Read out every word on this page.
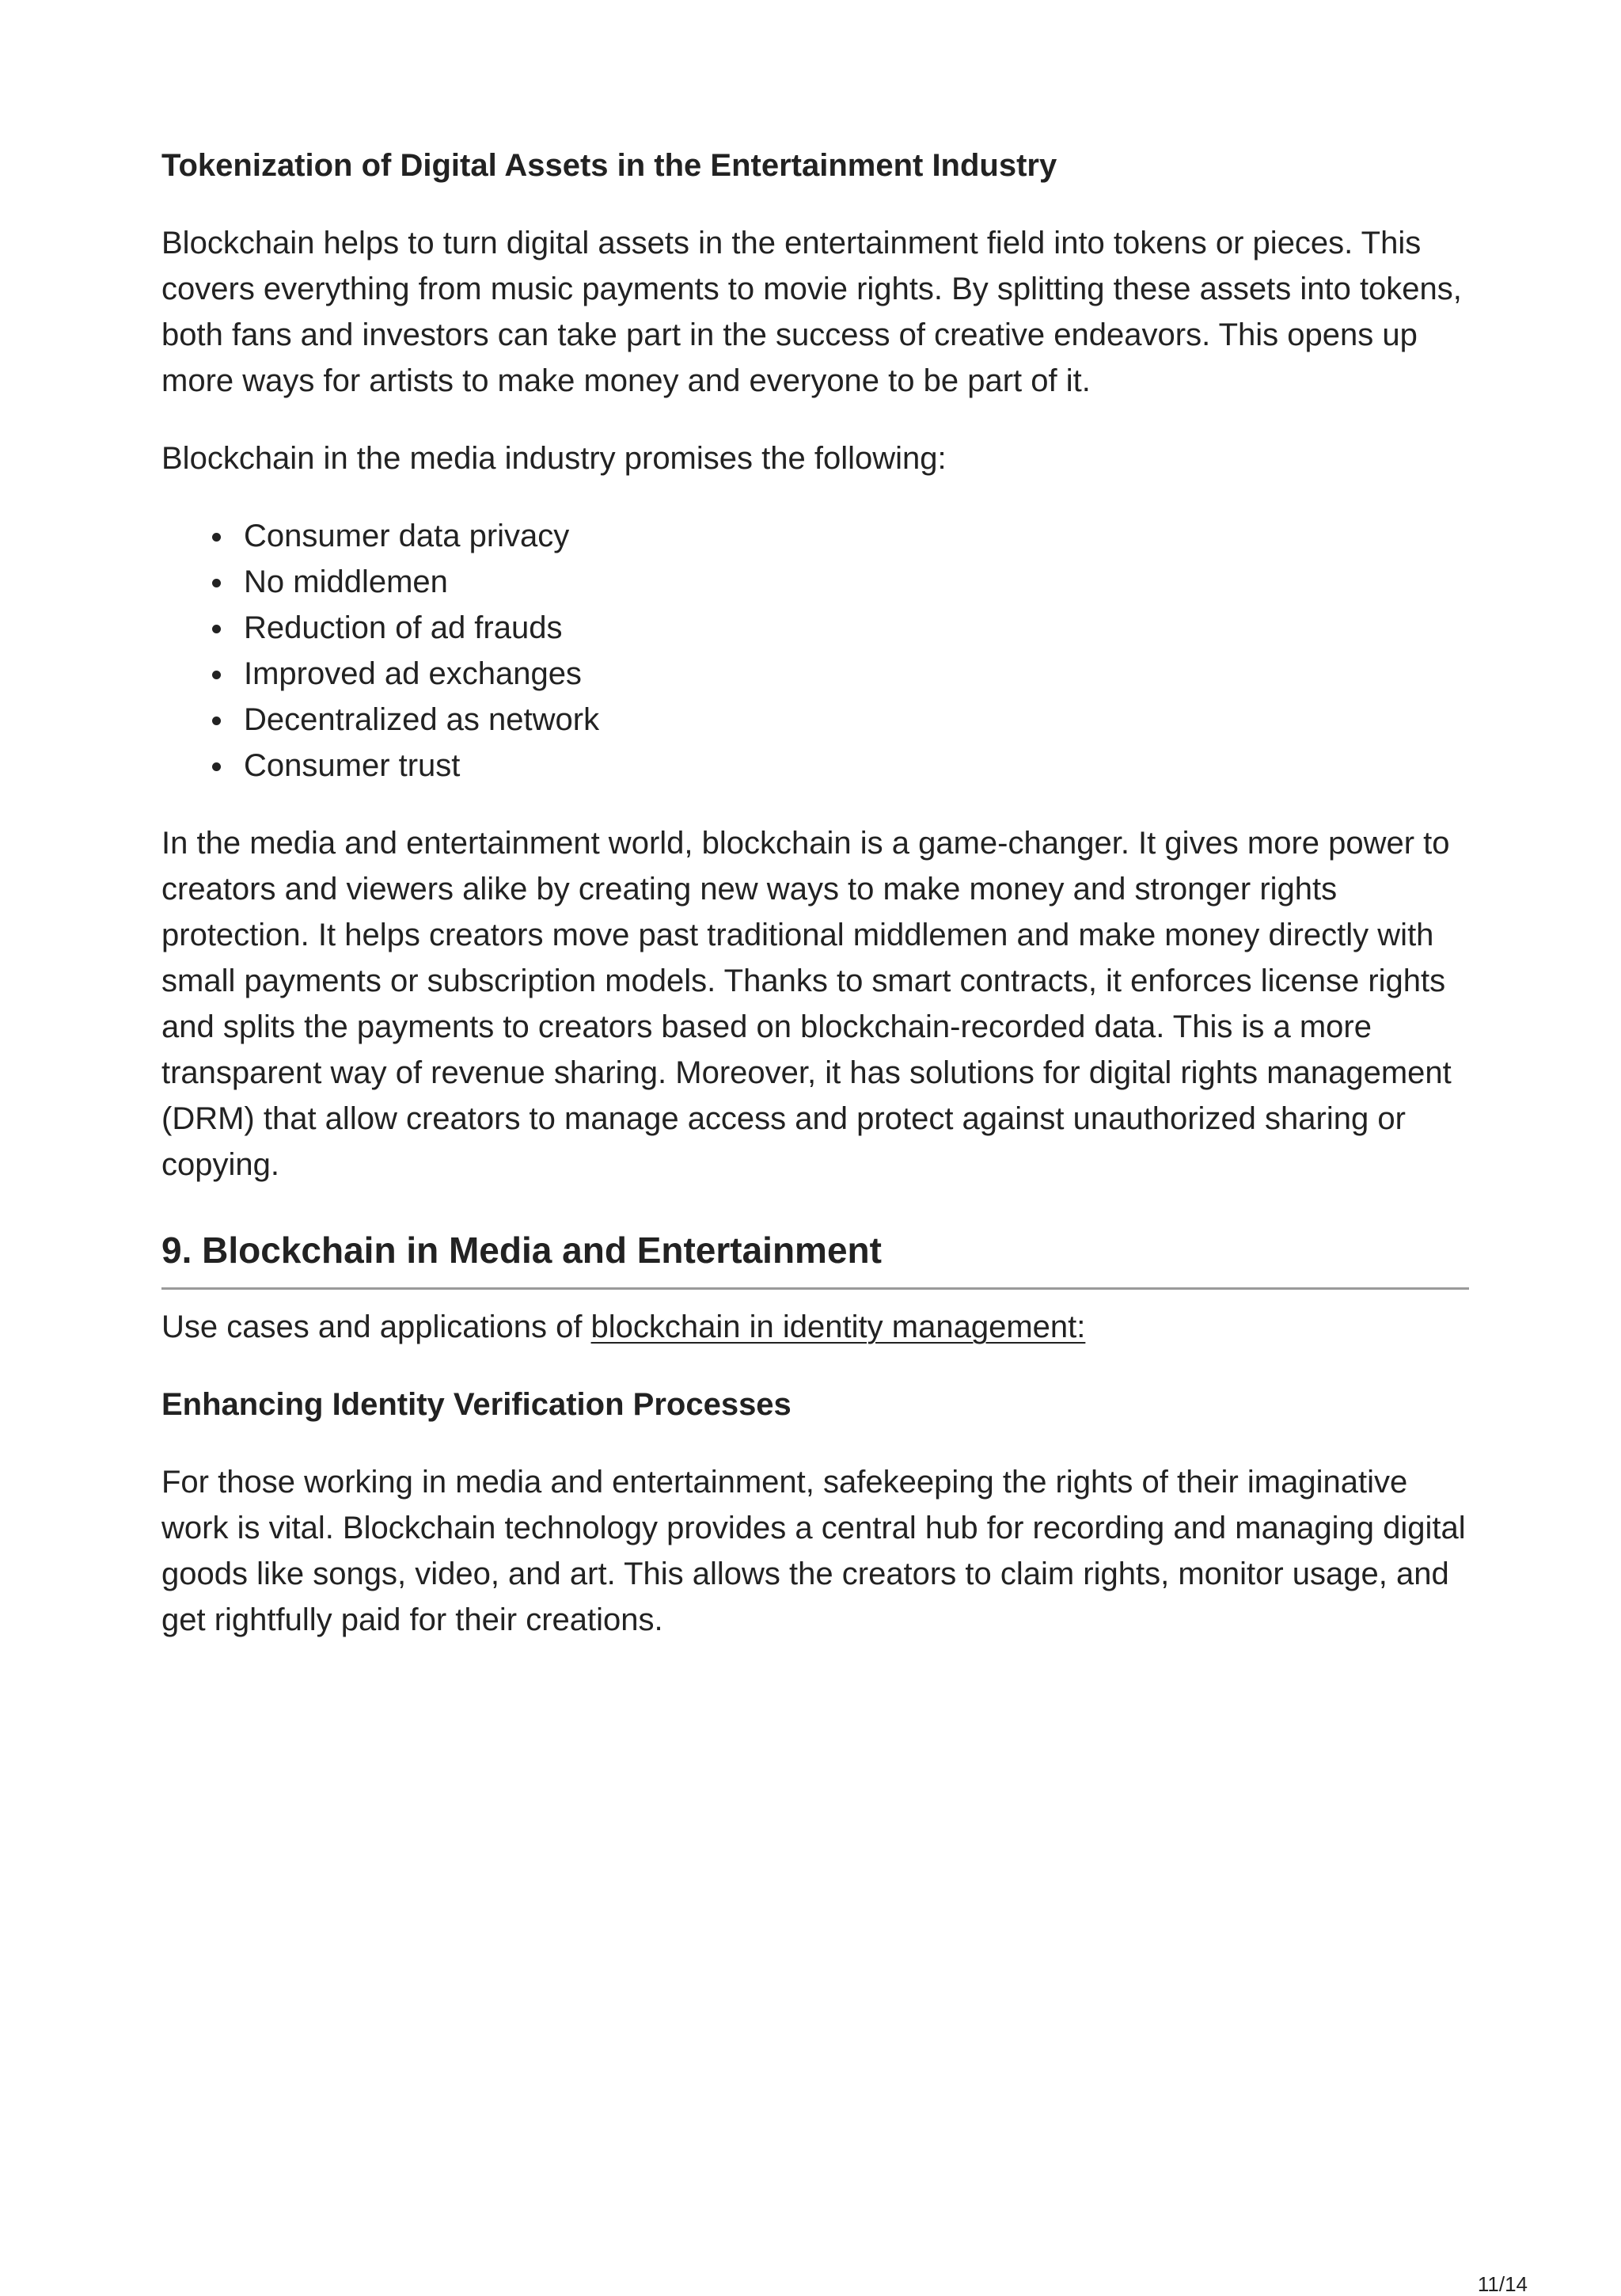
Tokenization of Digital Assets in the Entertainment Industry

Blockchain helps to turn digital assets in the entertainment field into tokens or pieces. This covers everything from music payments to movie rights. By splitting these assets into tokens, both fans and investors can take part in the success of creative endeavors. This opens up more ways for artists to make money and everyone to be part of it.

Blockchain in the media industry promises the following:

Consumer data privacy
No middlemen
Reduction of ad frauds
Improved ad exchanges
Decentralized as network
Consumer trust

In the media and entertainment world, blockchain is a game-changer. It gives more power to creators and viewers alike by creating new ways to make money and stronger rights protection. It helps creators move past traditional middlemen and make money directly with small payments or subscription models. Thanks to smart contracts, it enforces license rights and splits the payments to creators based on blockchain-recorded data. This is a more transparent way of revenue sharing. Moreover, it has solutions for digital rights management (DRM) that allow creators to manage access and protect against unauthorized sharing or copying.

9. Blockchain in Media and Entertainment

Use cases and applications of blockchain in identity management:

Enhancing Identity Verification Processes

For those working in media and entertainment, safekeeping the rights of their imaginative work is vital. Blockchain technology provides a central hub for recording and managing digital goods like songs, video, and art. This allows the creators to claim rights, monitor usage, and get rightfully paid for their creations.

11/14
